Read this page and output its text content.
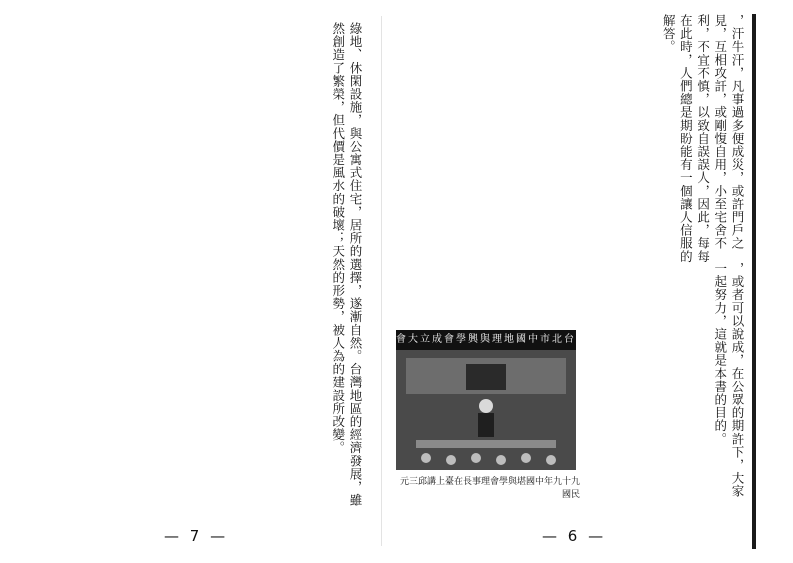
綠地、休閑設施，與公寓式住宅，居所的選擇，遂漸自然。台灣地區的經濟發展，雖然創造了繁榮，但代價是風水的破壞；天然的形勢，被人為的建設所改變。
— 7 —
，汗牛汗，凡事過多便成災，或許門戶之見，互相攻訐，或剛愎自用，小至宅舍不利，不宜不慎，以致自誤誤人，因此，每每在此時，人們總是期盼能有一個讓人信服的解答。
，或者可以說成，在公眾的期許下，大家一起努力，這就是本書的目的。
會大立成會學興與理地國中市北台
元三邱講上臺在長事理會學與堪國中年九十九國民
— 6 —
